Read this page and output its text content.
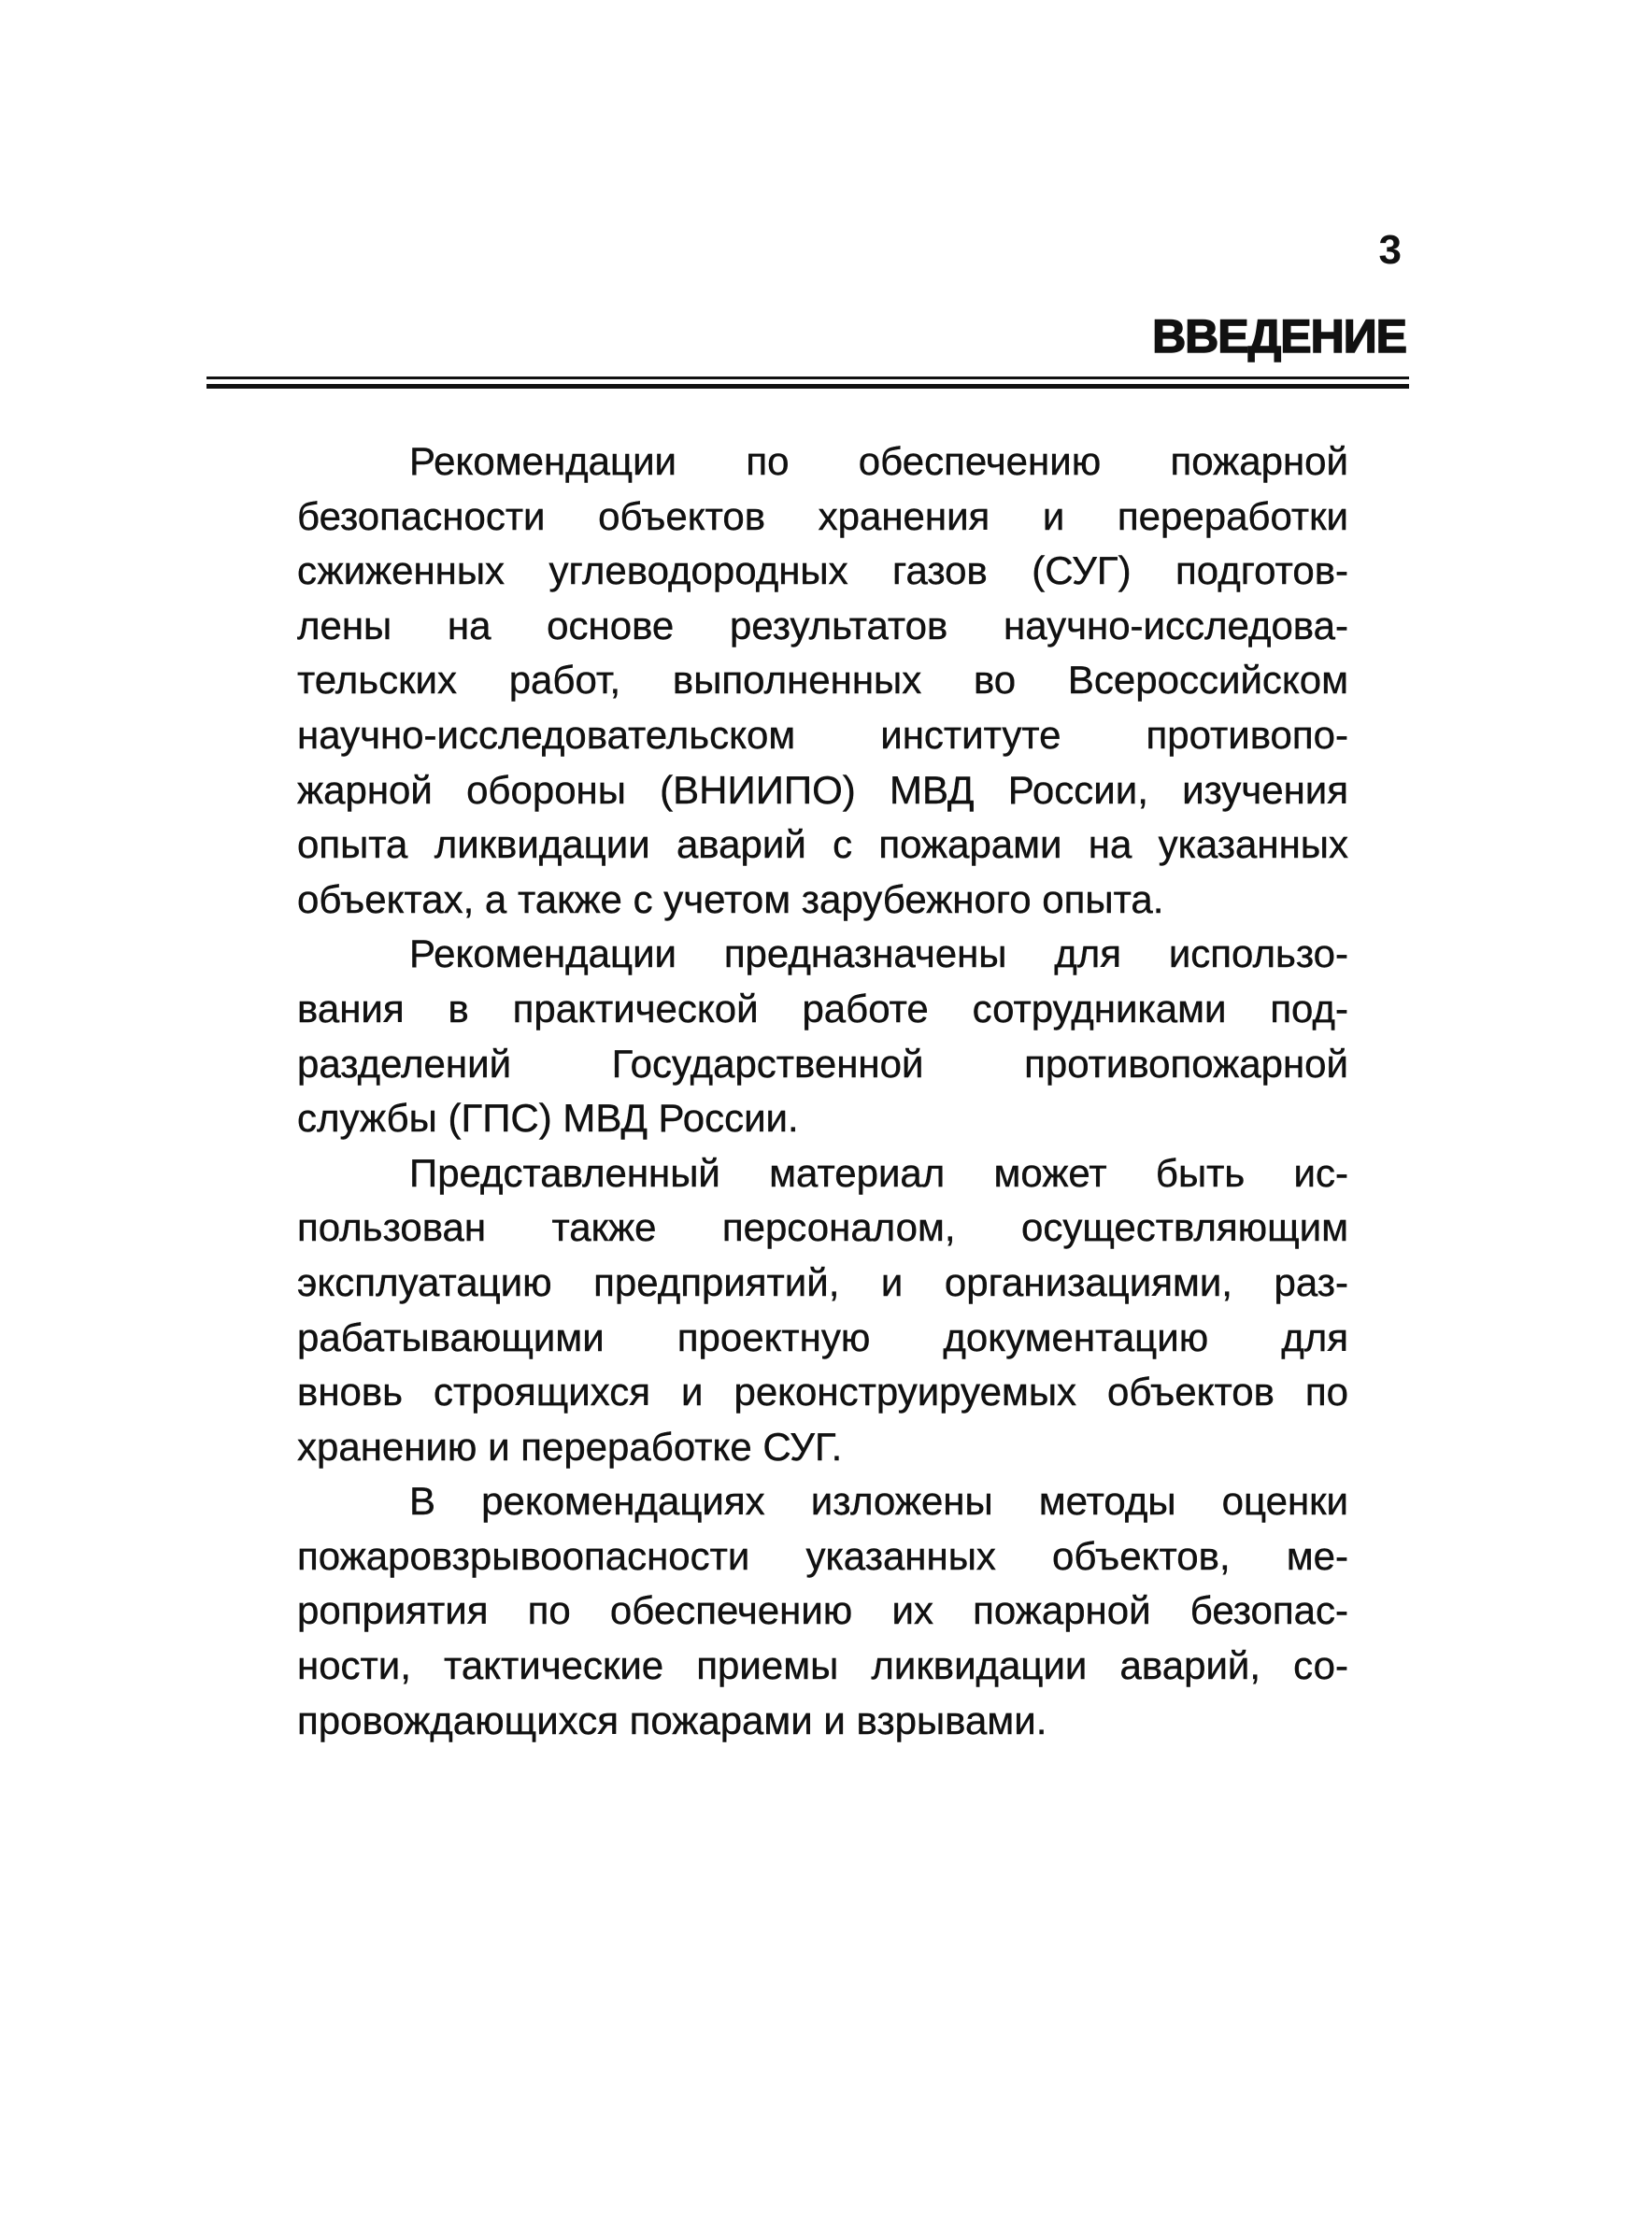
3
ВВЕДЕНИЕ
Рекомендации по обеспечению пожарной
безопасности объектов хранения и переработки
сжиженных углеводородных газов (СУГ) подготов-
лены на основе результатов научно-исследова-
тельских работ, выполненных во Всероссийском
научно-исследовательском институте противопо-
жарной обороны (ВНИИПО) МВД России, изучения
опыта ликвидации аварий с пожарами на указанных
объектах, а также с учетом зарубежного опыта.
Рекомендации предназначены для использо-
вания в практической работе сотрудниками под-
разделений Государственной противопожарной
службы (ГПС) МВД России.
Представленный материал может быть ис-
пользован также персоналом, осуществляющим
эксплуатацию предприятий, и организациями, раз-
рабатывающими проектную документацию для
вновь строящихся и реконструируемых объектов по
хранению и переработке СУГ.
В рекомендациях изложены методы оценки
пожаровзрывоопасности указанных объектов, ме-
роприятия по обеспечению их пожарной безопас-
ности, тактические приемы ликвидации аварий, со-
провождающихся пожарами и взрывами.
